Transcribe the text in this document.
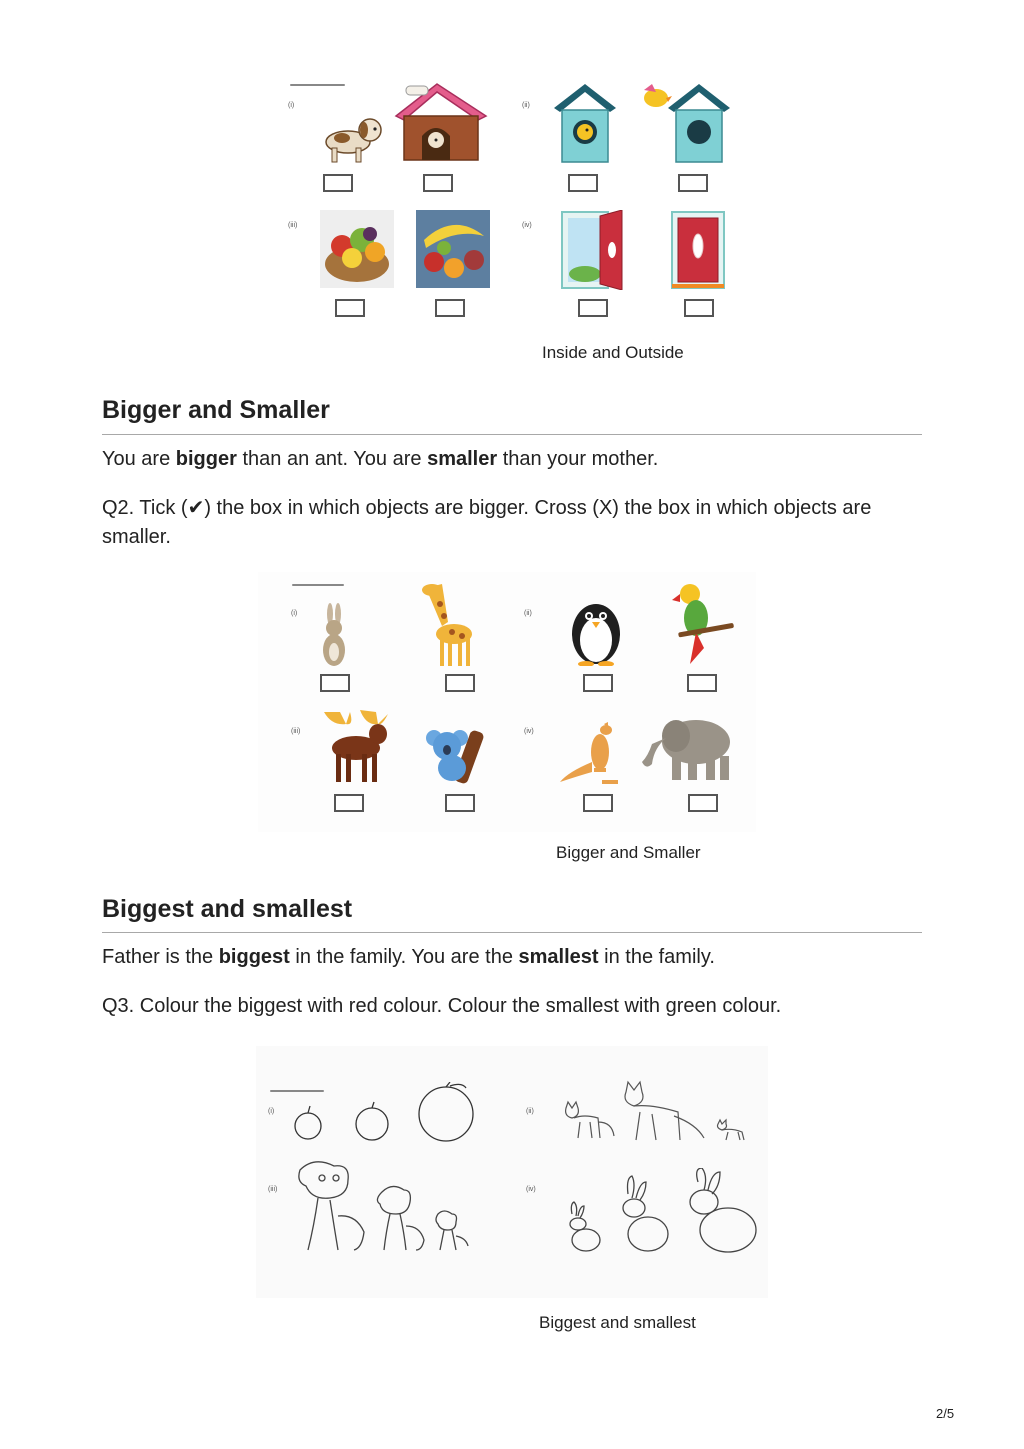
(i)	(ii)
(iii)	(iv)
Inside and Outside
Bigger and Smaller

You are bigger than an ant. You are smaller than your mother.

Q2. Tick (✔) the box in which objects are bigger. Cross (X) the box in which objects are smaller.

(i)	(ii)
(iii)	(iv)
Bigger and Smaller
Biggest and smallest

Father is the biggest in the family. You are the smallest in the family.

Q3. Colour the biggest with red colour. Colour the smallest with green colour.

(i)	(ii)
(iii)	(iv)
Biggest and smallest
2/5
